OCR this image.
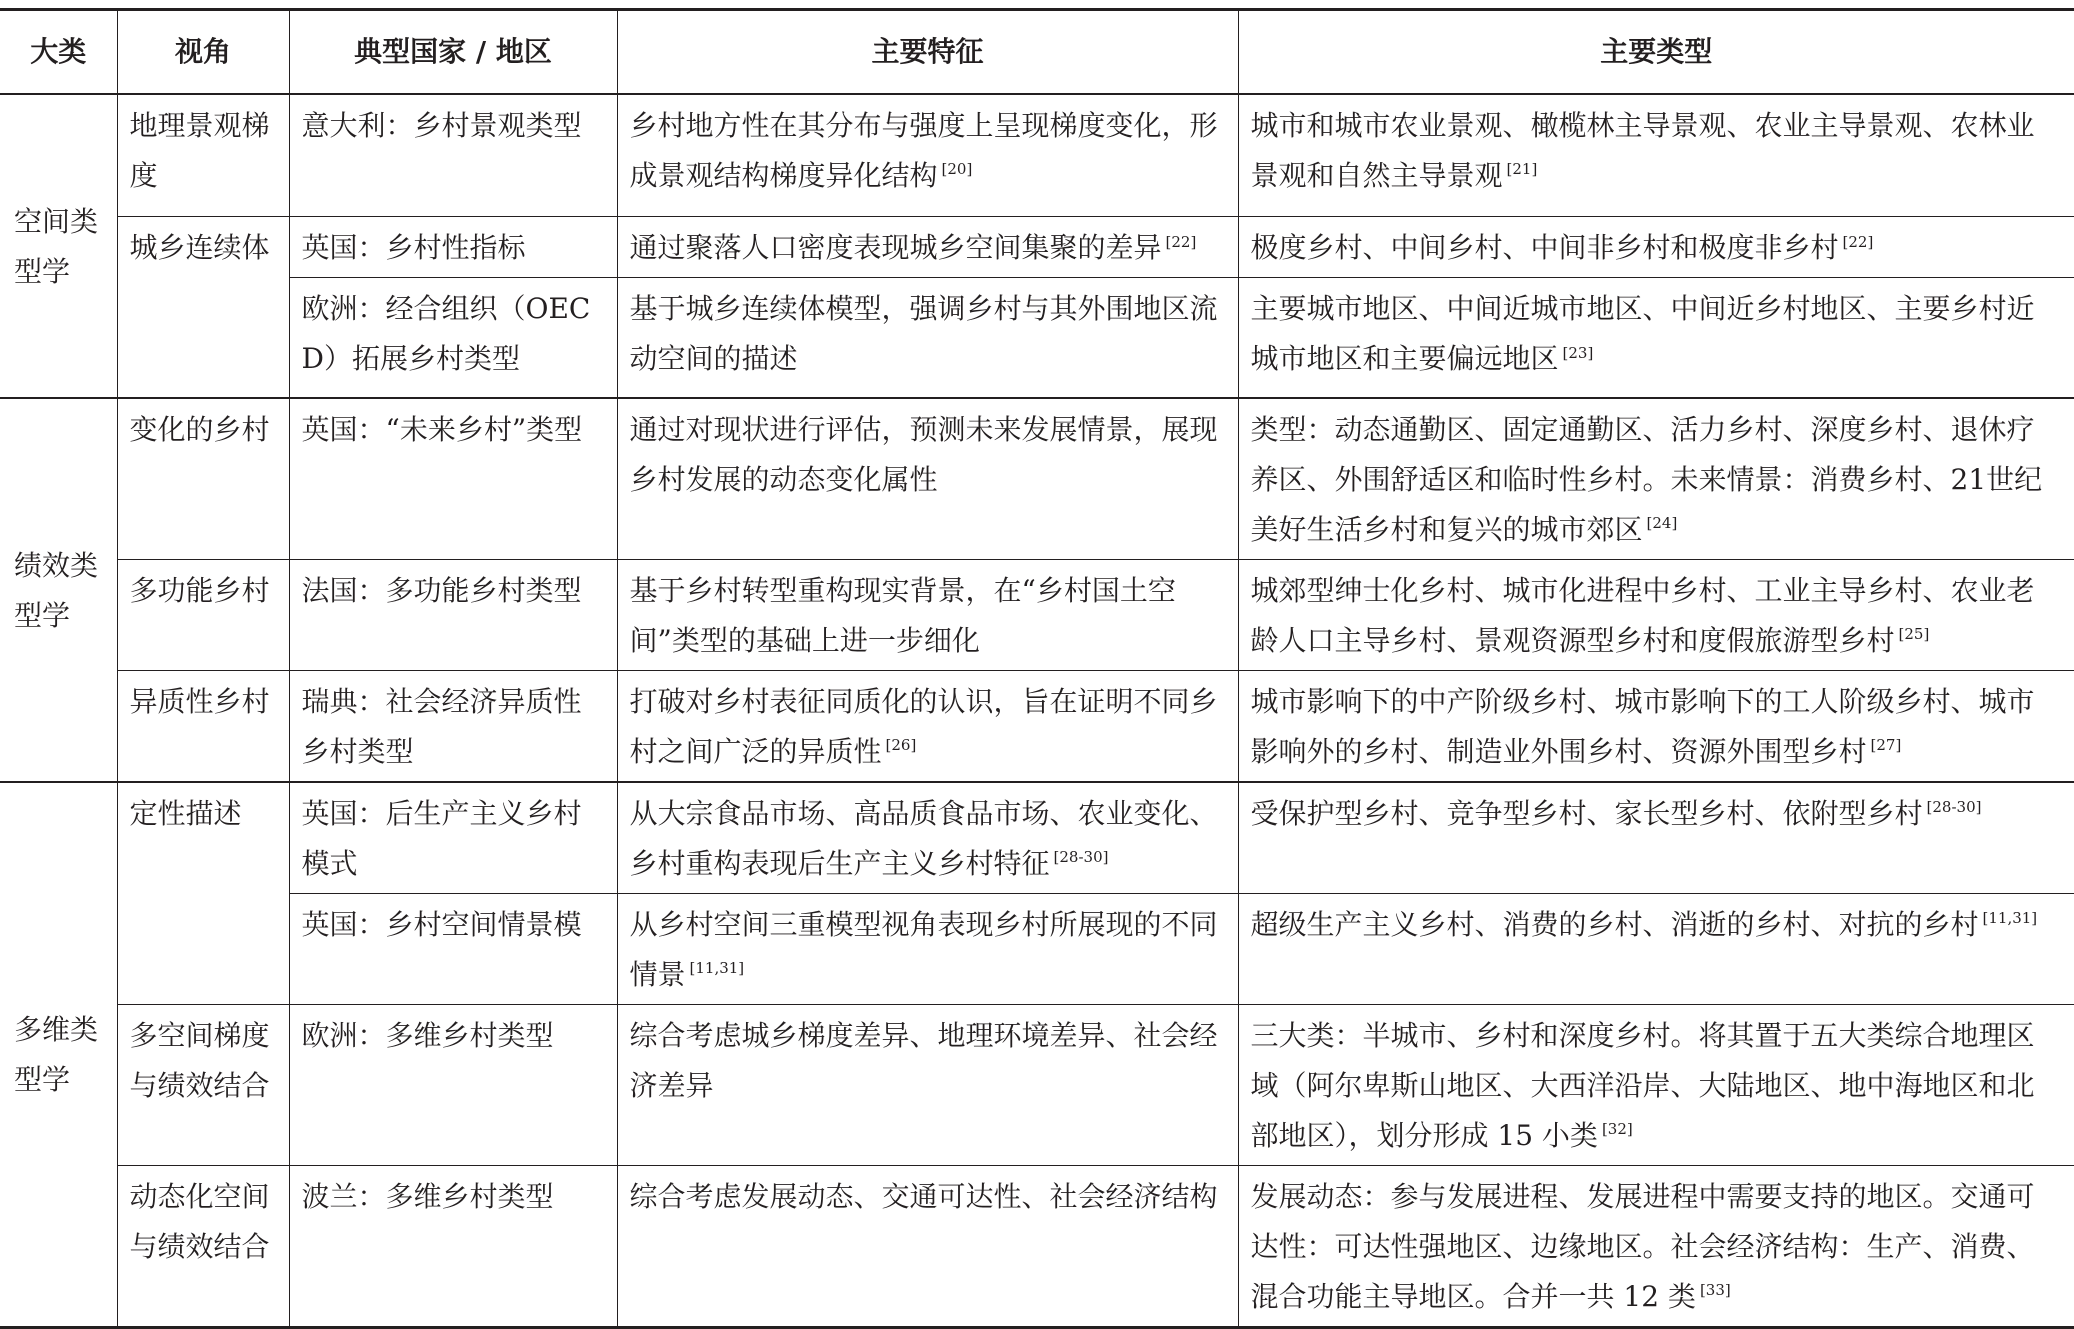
大类	视角	典型国家 / 地区	主要特征	主要类型
空间类型学	地理景观梯度	意大利：乡村景观类型	乡村地方性在其分布与强度上呈现梯度变化，形成景观结构梯度异化结构 [20]	城市和城市农业景观、橄榄林主导景观、农业主导景观、农林业景观和自然主导景观 [21]
	城乡连续体	英国：乡村性指标	通过聚落人口密度表现城乡空间集聚的差异 [22]	极度乡村、中间乡村、中间非乡村和极度非乡村 [22]
		欧洲：经合组织（OECD）拓展乡村类型	基于城乡连续体模型，强调乡村与其外围地区流动空间的描述	主要城市地区、中间近城市地区、中间近乡村地区、主要乡村近城市地区和主要偏远地区 [23]
绩效类型学	变化的乡村	英国：“未来乡村”类型	通过对现状进行评估，预测未来发展情景，展现乡村发展的动态变化属性	类型：动态通勤区、固定通勤区、活力乡村、深度乡村、退休疗养区、外围舒适区和临时性乡村。未来情景：消费乡村、21世纪美好生活乡村和复兴的城市郊区 [24]
	多功能乡村	法国：多功能乡村类型	基于乡村转型重构现实背景，在“乡村国土空间”类型的基础上进一步细化	城郊型绅士化乡村、城市化进程中乡村、工业主导乡村、农业老龄人口主导乡村、景观资源型乡村和度假旅游型乡村 [25]
	异质性乡村	瑞典：社会经济异质性乡村类型	打破对乡村表征同质化的认识，旨在证明不同乡村之间广泛的异质性 [26]	城市影响下的中产阶级乡村、城市影响下的工人阶级乡村、城市影响外的乡村、制造业外围乡村、资源外围型乡村 [27]
多维类型学	定性描述	英国：后生产主义乡村模式	从大宗食品市场、高品质食品市场、农业变化、乡村重构表现后生产主义乡村特征 [28-30]	受保护型乡村、竞争型乡村、家长型乡村、依附型乡村 [28-30]
		英国：乡村空间情景模	从乡村空间三重模型视角表现乡村所展现的不同情景 [11,31]	超级生产主义乡村、消费的乡村、消逝的乡村、对抗的乡村 [11,31]
	多空间梯度与绩效结合	欧洲：多维乡村类型	综合考虑城乡梯度差异、地理环境差异、社会经济差异	三大类：半城市、乡村和深度乡村。将其置于五大类综合地理区域（阿尔卑斯山地区、大西洋沿岸、大陆地区、地中海地区和北部地区），划分形成 15 小类 [32]
	动态化空间与绩效结合	波兰：多维乡村类型	综合考虑发展动态、交通可达性、社会经济结构	发展动态：参与发展进程、发展进程中需要支持的地区。交通可达性：可达性强地区、边缘地区。社会经济结构：生产、消费、混合功能主导地区。合并一共 12 类 [33]
